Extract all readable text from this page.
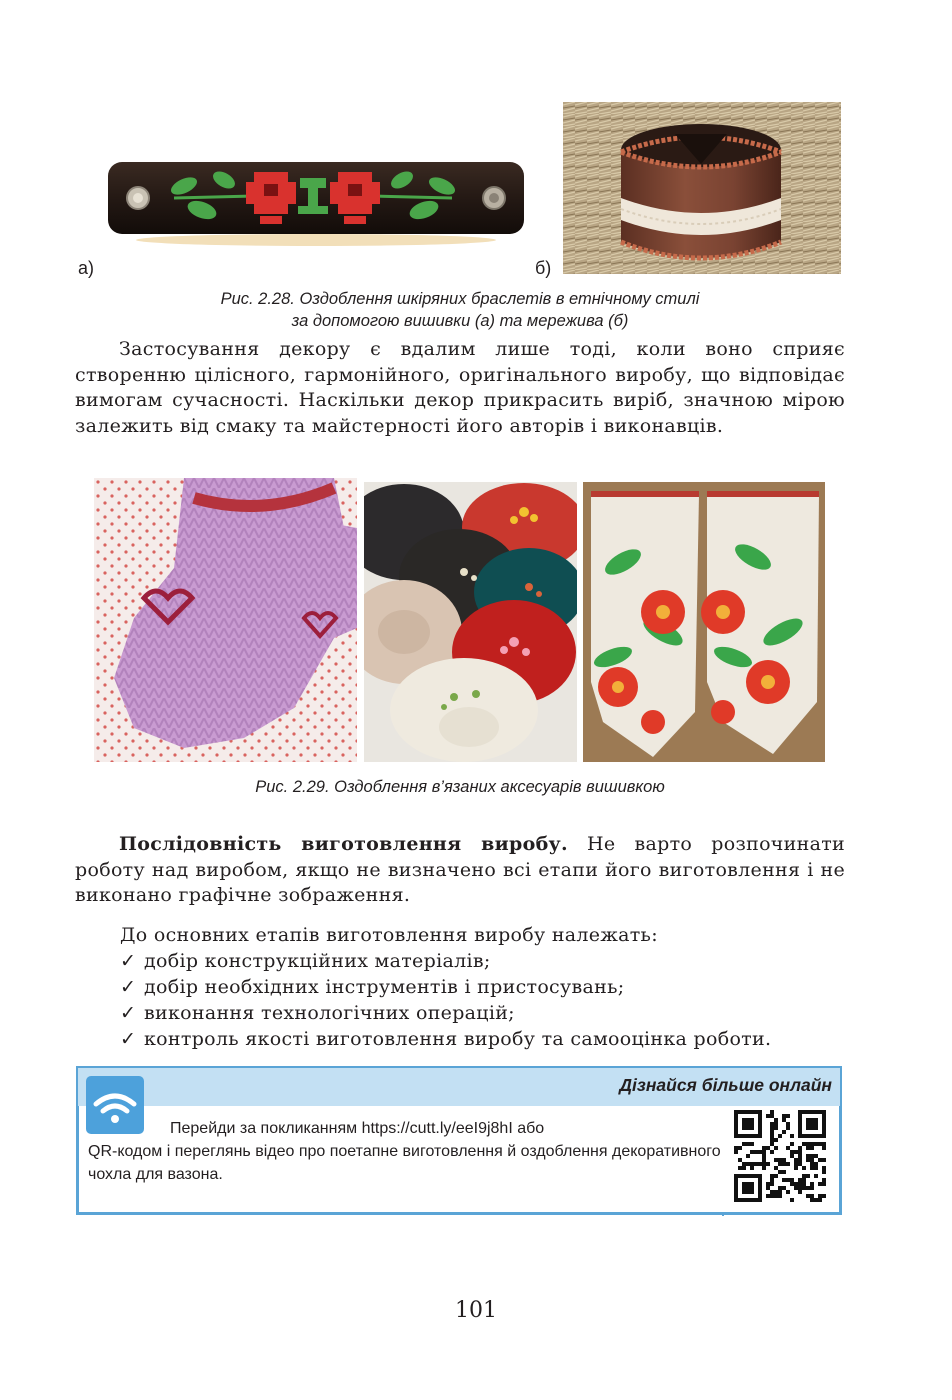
а)	б)
Рис. 2.28. Оздоблення шкіряних браслетів в етнічному стилі
за допомогою вишивки (а) та мережива (б)
Застосування декору є вдалим лише тоді, коли воно сприяє створенню цілісного, гармонійного, оригінального виробу, що відповідає вимогам сучасності. Наскільки декор прикрасить виріб, значною мірою залежить від смаку та майстерності його авторів і виконавців.
Рис. 2.29. Оздоблення в’язаних аксесуарів вишивкою
Послідовність виготовлення виробу. Не варто розпочинати роботу над виробом, якщо не визначено всі етапи його виготовлення і не виконано графічне зображення.
До основних етапів виготовлення виробу належать:
✓ добір конструкційних матеріалів;
✓ добір необхідних інструментів і пристосувань;
✓ виконання технологічних операцій;
✓ контроль якості виготовлення виробу та самооцінка роботи.
Дізнайся більше онлайн
Перейди за покликанням https://cutt.ly/eeI9j8hI або
QR-кодом і переглянь відео про поетапне виготовлення й оздоблення декоративного чохла для вазона.
101
